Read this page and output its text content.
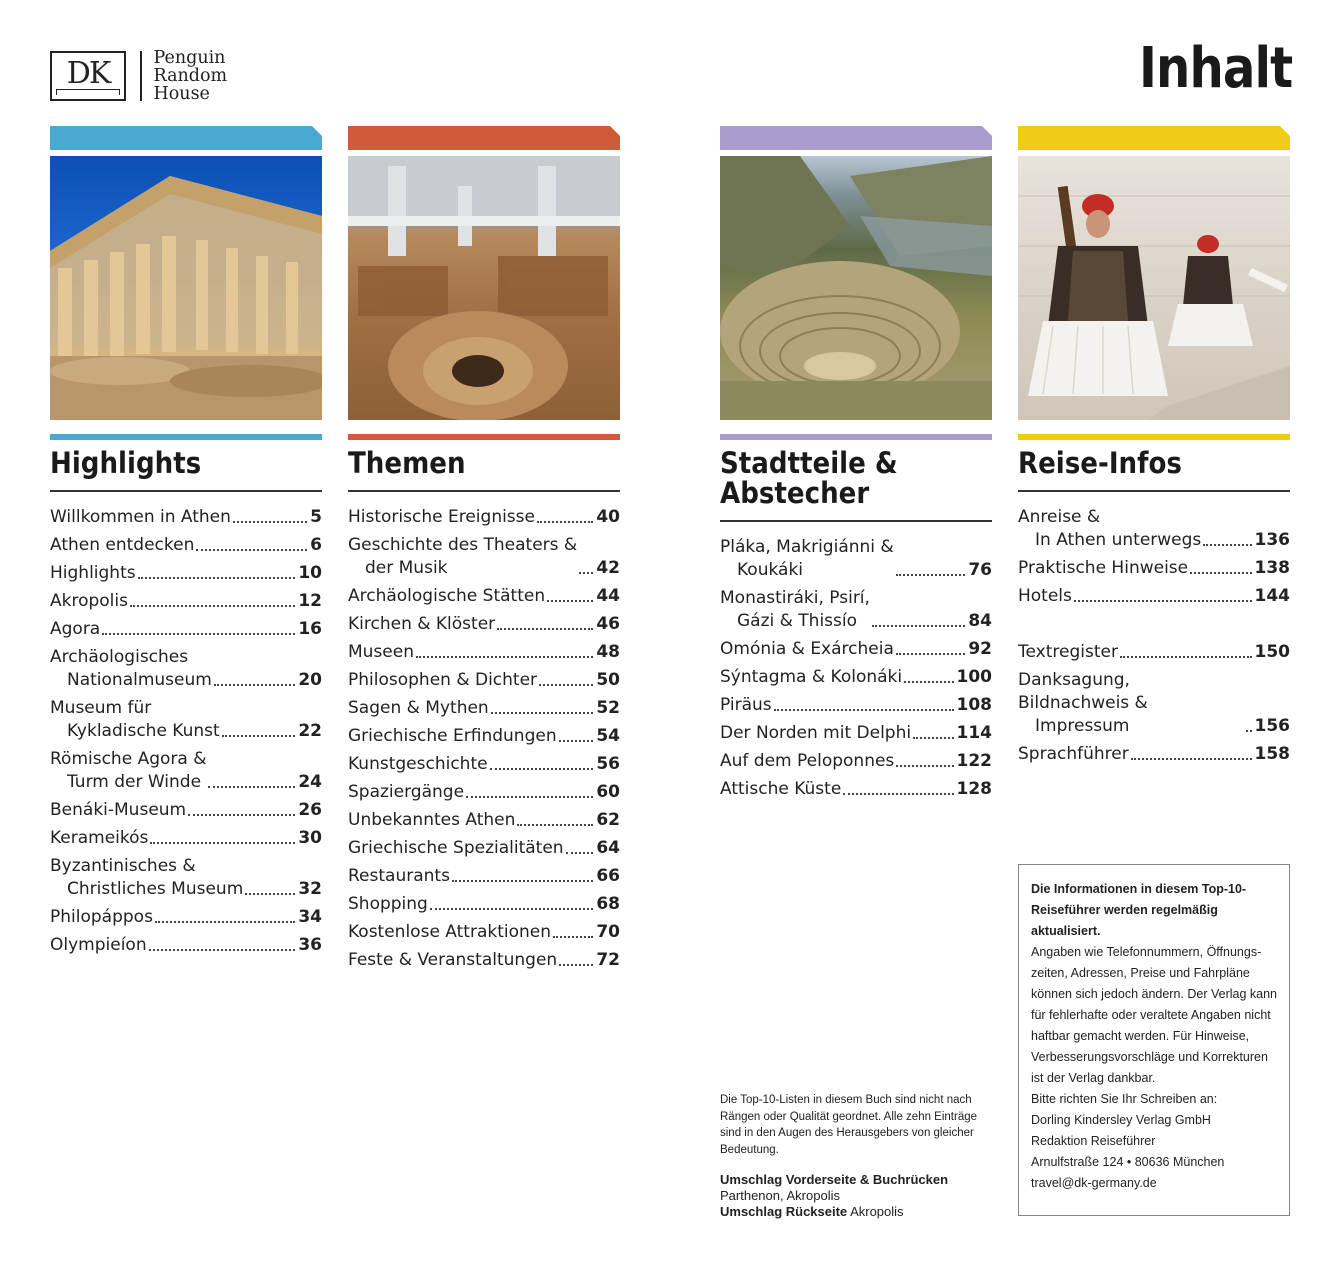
DK	Penguin
Random
House	Inhalt
Highlights
Willkommen in Athen	5
Athen entdecken	6
Highlights	10
Akropolis	12
Agora	16
Archäologisches
Nationalmuseum	20
Museum für
Kykladische Kunst	22
Römische Agora &
Turm der Winde	24
Benáki-Museum	26
Kerameikós	30
Byzantinisches &
Christliches Museum	32
Philopáppos	34
Olympieíon	36
Themen
Historische Ereignisse	40
Geschichte des Theaters &
der Musik	42
Archäologische Stätten	44
Kirchen & Klöster	46
Museen	48
Philosophen & Dichter	50
Sagen & Mythen	52
Griechische Erfindungen 54
Kunstgeschichte	56
Spaziergänge	60
Unbekanntes Athen	62
Griechische Spezialitäten 64
Restaurants	66
Shopping	68
Kostenlose Attraktionen	70
Feste & Veranstaltungen 72
Stadtteile &
Abstecher
Pláka, Makrigiánni &
Koukáki	76
Monastiráki, Psirí,
Gázi & Thissío	84
Omónia & Exárcheia	92
Sýntagma & Kolonáki	100
Piräus	108
Der Norden mit Delphi	114
Auf dem Peloponnes	122
Attische Küste	128
Reise-Infos
Anreise &
In Athen unterwegs	136
Praktische Hinweise	138
Hotels	144
Textregister	150
Danksagung, Bildnachweis &
Impressum	156
Sprachführer	158
Die Top-10-Listen in diesem Buch sind nicht nach Rängen oder Qualität geordnet. Alle zehn Einträge sind in den Augen des Herausgebers von gleicher Bedeutung.
Umschlag Vorderseite & Buchrücken
Parthenon, Akropolis
Umschlag Rückseite Akropolis
Die Informationen in diesem Top-10-Reiseführer werden regelmäßig aktualisiert.
Angaben wie Telefonnummern, Öffnungs-zeiten, Adressen, Preise und Fahrpläne können sich jedoch ändern. Der Verlag kann für fehlerhafte oder veraltete Angaben nicht haftbar gemacht werden. Für Hinweise, Verbesserungsvorschläge und Korrekturen ist der Verlag dankbar.
Bitte richten Sie Ihr Schreiben an:
Dorling Kindersley Verlag GmbH
Redaktion Reiseführer
Arnulfstraße 124 • 80636 München
travel@dk-germany.de
